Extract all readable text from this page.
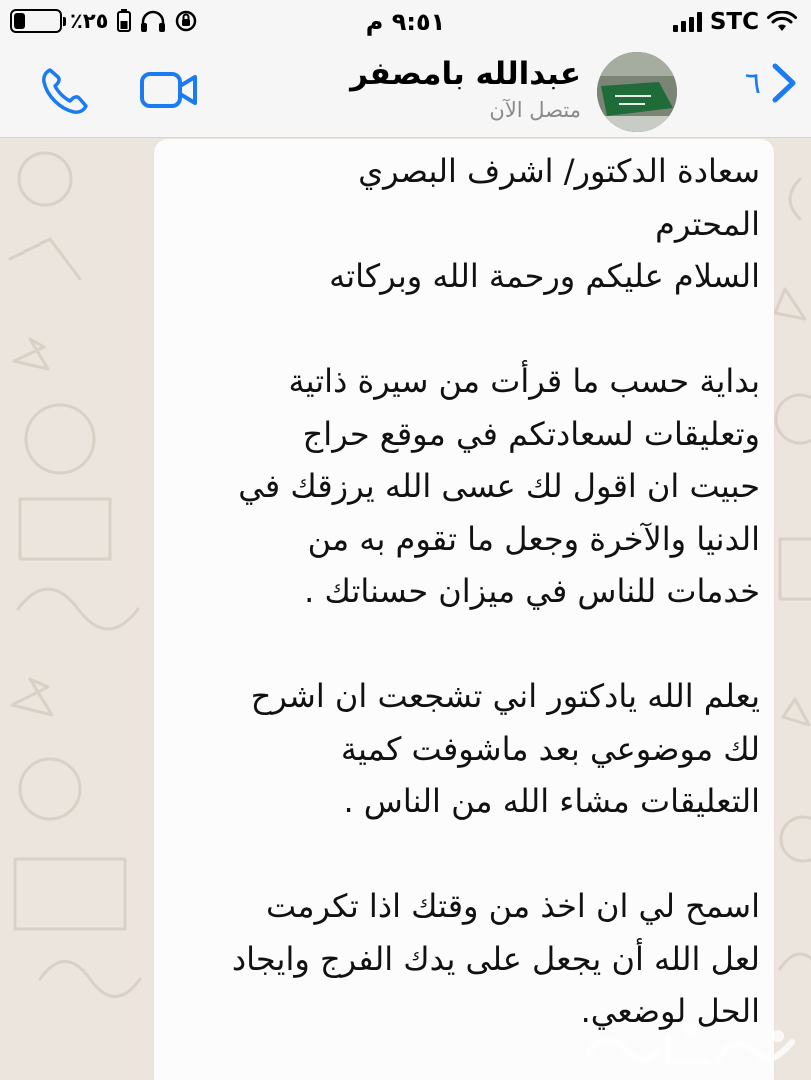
STC
٩:٥١ م
٪٢٥
٦
عبدالله بامصفر
متصل الآن
سعادة الدكتور/ اشرف البصري
المحترم
السلام عليكم ورحمة الله وبركاته
بداية حسب ما قرأت من سيرة ذاتية
وتعليقات لسعادتكم في موقع حراج
حبيت ان اقول لك عسى الله يرزقك في
الدنيا والآخرة وجعل ما تقوم به من
خدمات للناس في ميزان حسناتك .
يعلم الله يادكتور اني تشجعت ان اشرح
لك موضوعي بعد ماشوفت كمية
التعليقات مشاء الله من الناس .
اسمح لي ان اخذ من وقتك اذا تكرمت
لعل الله أن يجعل على يدك الفرج وايجاد
الحل لوضعي.
